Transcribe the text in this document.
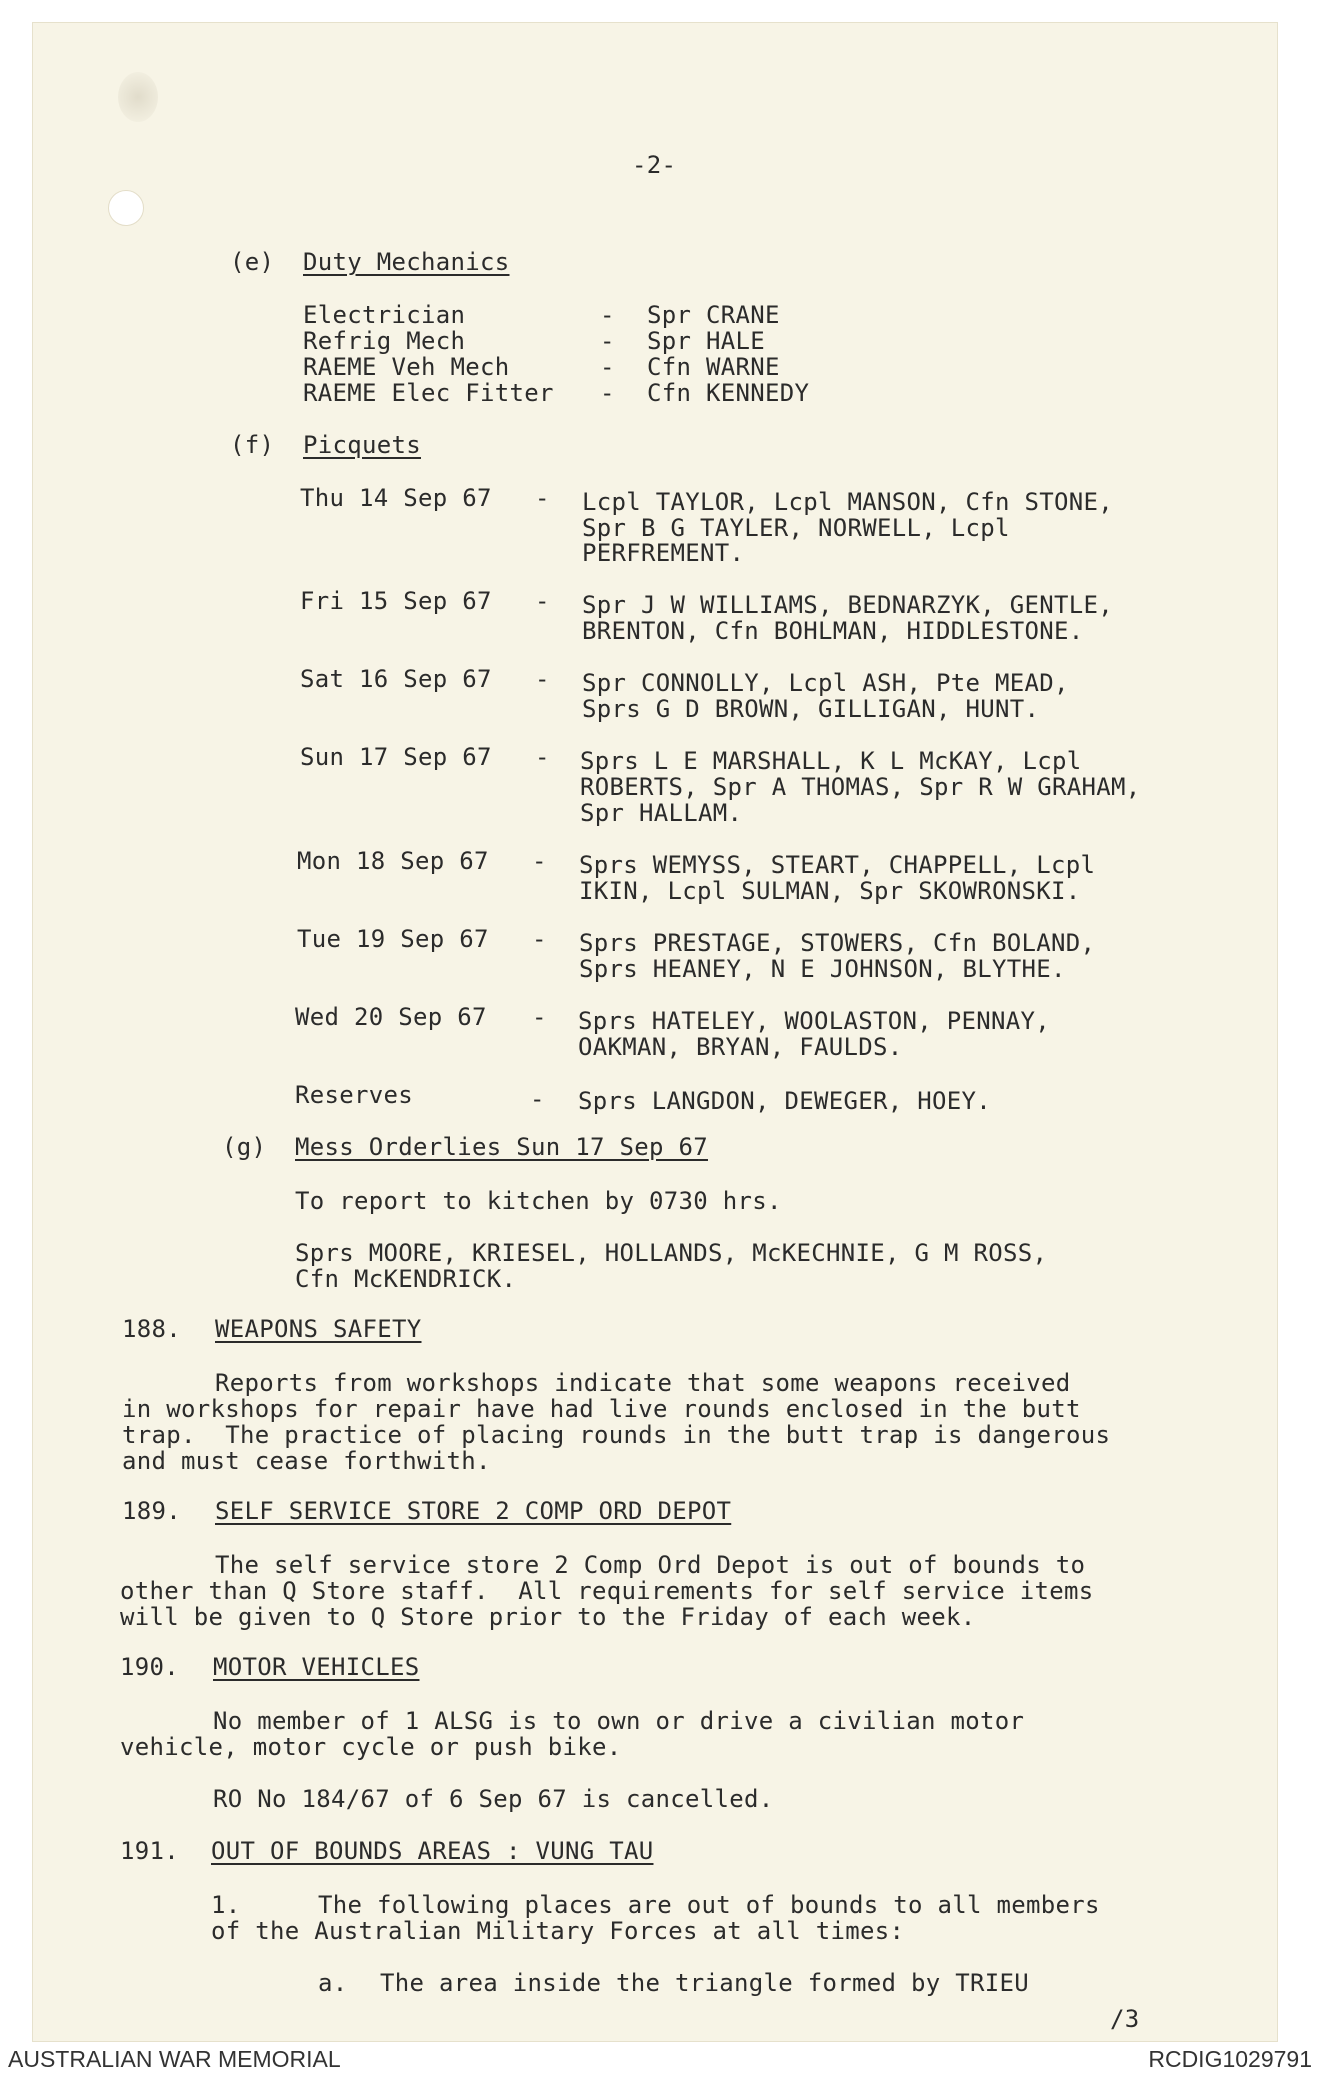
-2-
(e) Duty Mechanics
Electrician	- Spr CRANE
Refrig Mech	- Spr HALE
RAEME Veh Mech	- Cfn WARNE
RAEME Elec Fitter - Cfn KENNEDY
(f) Picquets
Thu 14 Sep 67 - Lcpl TAYLOR, Lcpl MANSON, Cfn STONE,
Spr B G TAYLER, NORWELL, Lcpl
PERFREMENT.
Fri 15 Sep 67 - Spr J W WILLIAMS, BEDNARZYK, GENTLE,
BRENTON, Cfn BOHLMAN, HIDDLESTONE.
Sat 16 Sep 67 - Spr CONNOLLY, Lcpl ASH, Pte MEAD,
Sprs G D BROWN, GILLIGAN, HUNT.
Sun 17 Sep 67 - Sprs L E MARSHALL, K L McKAY, Lcpl
ROBERTS, Spr A THOMAS, Spr R W GRAHAM,
Spr HALLAM.
Mon 18 Sep 67 - Sprs WEMYSS, STEART, CHAPPELL, Lcpl
IKIN, Lcpl SULMAN, Spr SKOWRONSKI.
Tue 19 Sep 67 - Sprs PRESTAGE, STOWERS, Cfn BOLAND,
Sprs HEANEY, N E JOHNSON, BLYTHE.
Wed 20 Sep 67 - Sprs HATELEY, WOOLASTON, PENNAY,
OAKMAN, BRYAN, FAULDS.
Reserves	- Sprs LANGDON, DEWEGER, HOEY.
(g) Mess Orderlies Sun 17 Sep 67
To report to kitchen by 0730 hrs.
Sprs MOORE, KRIESEL, HOLLANDS, McKECHNIE, G M ROSS,
Cfn McKENDRICK.
188. WEAPONS SAFETY
Reports from workshops indicate that some weapons received
in workshops for repair have had live rounds enclosed in the butt
trap.  The practice of placing rounds in the butt trap is dangerous
and must cease forthwith.
189. SELF SERVICE STORE 2 COMP ORD DEPOT
The self service store 2 Comp Ord Depot is out of bounds to
other than Q Store staff.  All requirements for self service items
will be given to Q Store prior to the Friday of each week.
190. MOTOR VEHICLES
No member of 1 ALSG is to own or drive a civilian motor
vehicle, motor cycle or push bike.
RO No 184/67 of 6 Sep 67 is cancelled.
191. OUT OF BOUNDS AREAS : VUNG TAU
1.	The following places are out of bounds to all members
of the Australian Military Forces at all times:
a. The area inside the triangle formed by TRIEU
/3
AUSTRALIAN WAR MEMORIAL	RCDIG1029791
